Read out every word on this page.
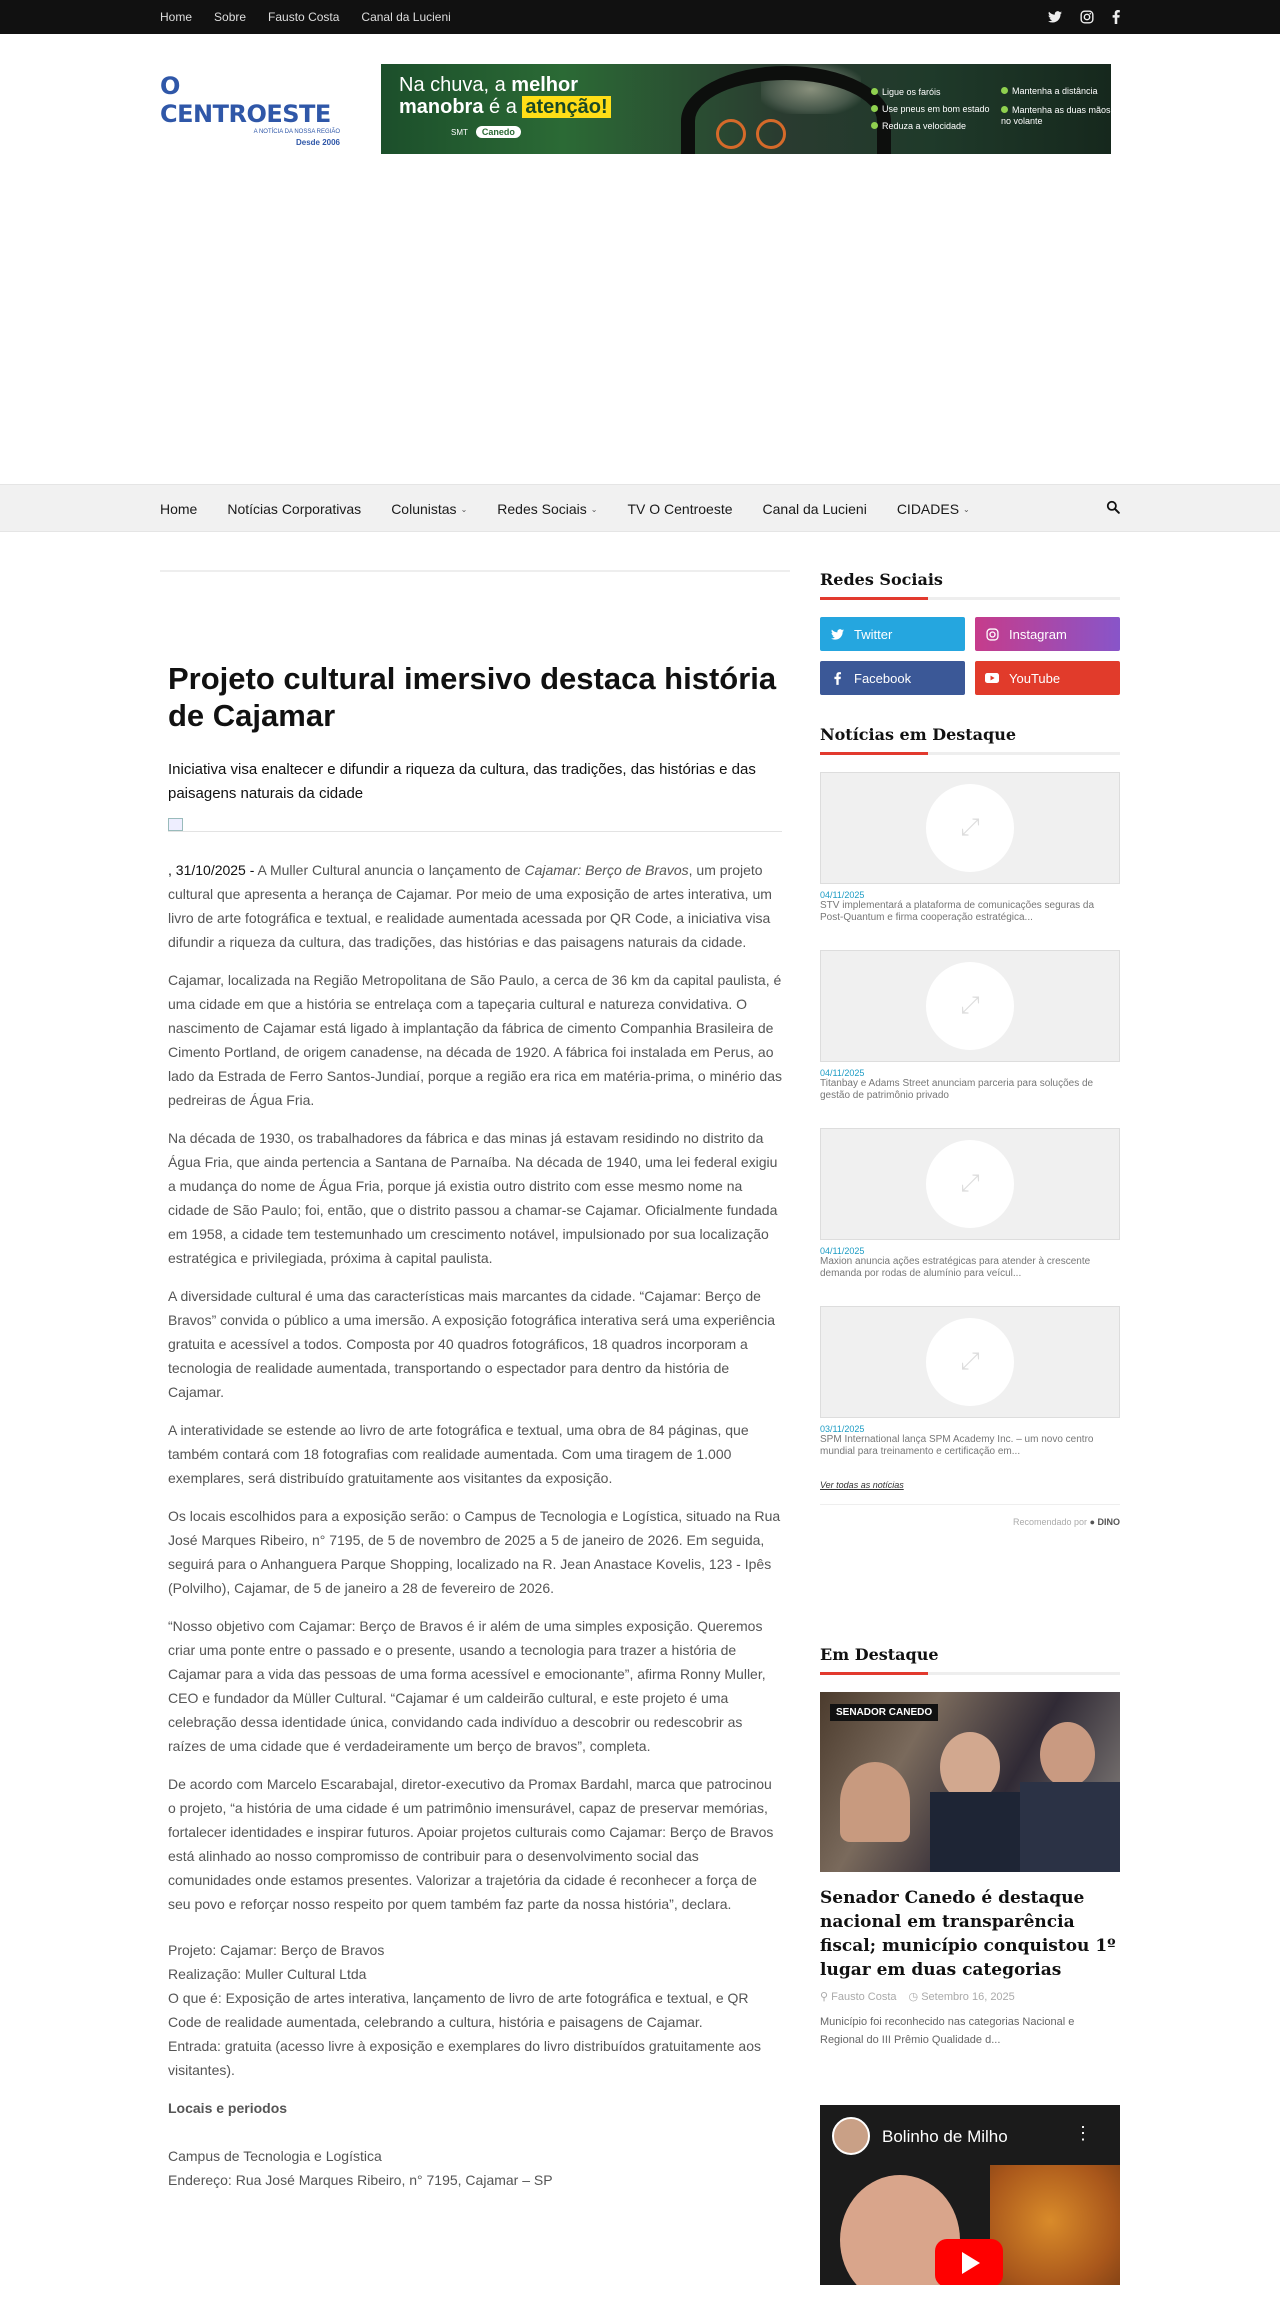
Home Sobre Fausto Costa Canal da Lucieni
O CENTROESTE
A NOTÍCIA DA NOSSA REGIÃO
Desde 2006
Na chuva, a melhor
manobra é a atenção!
SMT	Canedo
Ligue os faróis
Use pneus em bom estado
Reduza a velocidade
Mantenha a distância
Mantenha as duas mãos no volante
Home Notícias Corporativas Colunistas ⌄ Redes Sociais ⌄ TV O Centroeste Canal da Lucieni CIDADES ⌄
Projeto cultural imersivo destaca história de Cajamar
Iniciativa visa enaltecer e difundir a riqueza da cultura, das tradições, das histórias e das paisagens naturais da cidade

, 31/10/2025 - A Muller Cultural anuncia o lançamento de Cajamar: Berço de Bravos, um projeto cultural que apresenta a herança de Cajamar. Por meio de uma exposição de artes interativa, um livro de arte fotográfica e textual, e realidade aumentada acessada por QR Code, a iniciativa visa difundir a riqueza da cultura, das tradições, das histórias e das paisagens naturais da cidade.

Cajamar, localizada na Região Metropolitana de São Paulo, a cerca de 36 km da capital paulista, é uma cidade em que a história se entrelaça com a tapeçaria cultural e natureza convidativa. O nascimento de Cajamar está ligado à implantação da fábrica de cimento Companhia Brasileira de Cimento Portland, de origem canadense, na década de 1920. A fábrica foi instalada em Perus, ao lado da Estrada de Ferro Santos-Jundiaí, porque a região era rica em matéria-prima, o minério das pedreiras de Água Fria.

Na década de 1930, os trabalhadores da fábrica e das minas já estavam residindo no distrito da Água Fria, que ainda pertencia a Santana de Parnaíba. Na década de 1940, uma lei federal exigiu a mudança do nome de Água Fria, porque já existia outro distrito com esse mesmo nome na cidade de São Paulo; foi, então, que o distrito passou a chamar-se Cajamar. Oficialmente fundada em 1958, a cidade tem testemunhado um crescimento notável, impulsionado por sua localização estratégica e privilegiada, próxima à capital paulista.

A diversidade cultural é uma das características mais marcantes da cidade. “Cajamar: Berço de Bravos” convida o público a uma imersão. A exposição fotográfica interativa será uma experiência gratuita e acessível a todos. Composta por 40 quadros fotográficos, 18 quadros incorporam a tecnologia de realidade aumentada, transportando o espectador para dentro da história de Cajamar.

A interatividade se estende ao livro de arte fotográfica e textual, uma obra de 84 páginas, que também contará com 18 fotografias com realidade aumentada. Com uma tiragem de 1.000 exemplares, será distribuído gratuitamente aos visitantes da exposição.

Os locais escolhidos para a exposição serão: o Campus de Tecnologia e Logística, situado na Rua José Marques Ribeiro, n° 7195, de 5 de novembro de 2025 a 5 de janeiro de 2026. Em seguida, seguirá para o Anhanguera Parque Shopping, localizado na R. Jean Anastace Kovelis, 123 - Ipês (Polvilho), Cajamar, de 5 de janeiro a 28 de fevereiro de 2026.

“Nosso objetivo com Cajamar: Berço de Bravos é ir além de uma simples exposição. Queremos criar uma ponte entre o passado e o presente, usando a tecnologia para trazer a história de Cajamar para a vida das pessoas de uma forma acessível e emocionante”, afirma Ronny Muller, CEO e fundador da Müller Cultural. “Cajamar é um caldeirão cultural, e este projeto é uma celebração dessa identidade única, convidando cada indivíduo a descobrir ou redescobrir as raízes de uma cidade que é verdadeiramente um berço de bravos”, completa.

De acordo com Marcelo Escarabajal, diretor-executivo da Promax Bardahl, marca que patrocinou o projeto, “a história de uma cidade é um patrimônio imensurável, capaz de preservar memórias, fortalecer identidades e inspirar futuros. Apoiar projetos culturais como Cajamar: Berço de Bravos está alinhado ao nosso compromisso de contribuir para o desenvolvimento social das comunidades onde estamos presentes. Valorizar a trajetória da cidade é reconhecer a força de seu povo e reforçar nosso respeito por quem também faz parte da nossa história”, declara.

Projeto: Cajamar: Berço de Bravos
Realização: Muller Cultural Ltda
O que é: Exposição de artes interativa, lançamento de livro de arte fotográfica e textual, e QR Code de realidade aumentada, celebrando a cultura, história e paisagens de Cajamar.
Entrada: gratuita (acesso livre à exposição e exemplares do livro distribuídos gratuitamente aos visitantes).
Locais e periodos
Campus de Tecnologia e Logística
Endereço: Rua José Marques Ribeiro, n° 7195, Cajamar – SP
Redes Sociais
Twitter	Instagram
Facebook	YouTube
Notícias em Destaque
⤢
04/11/2025
STV implementará a plataforma de comunicações seguras da Post-Quantum e firma cooperação estratégica...
⤢
04/11/2025
Titanbay e Adams Street anunciam parceria para soluções de gestão de patrimônio privado
⤢
04/11/2025
Maxion anuncia ações estratégicas para atender à crescente demanda por rodas de alumínio para veícul...
⤢
03/11/2025
SPM International lança SPM Academy Inc. – um novo centro mundial para treinamento e certificação em...
Ver todas as notícias
Recomendado por ● DINO
Em Destaque
SENADOR CANEDO
Senador Canedo é destaque nacional em transparência fiscal; município conquistou 1º lugar em duas categorias
⚲ Fausto Costa ◷ Setembro 16, 2025
Município foi reconhecido nas categorias Nacional e Regional do III Prêmio Qualidade d...
Bolinho de Milho	⋮
